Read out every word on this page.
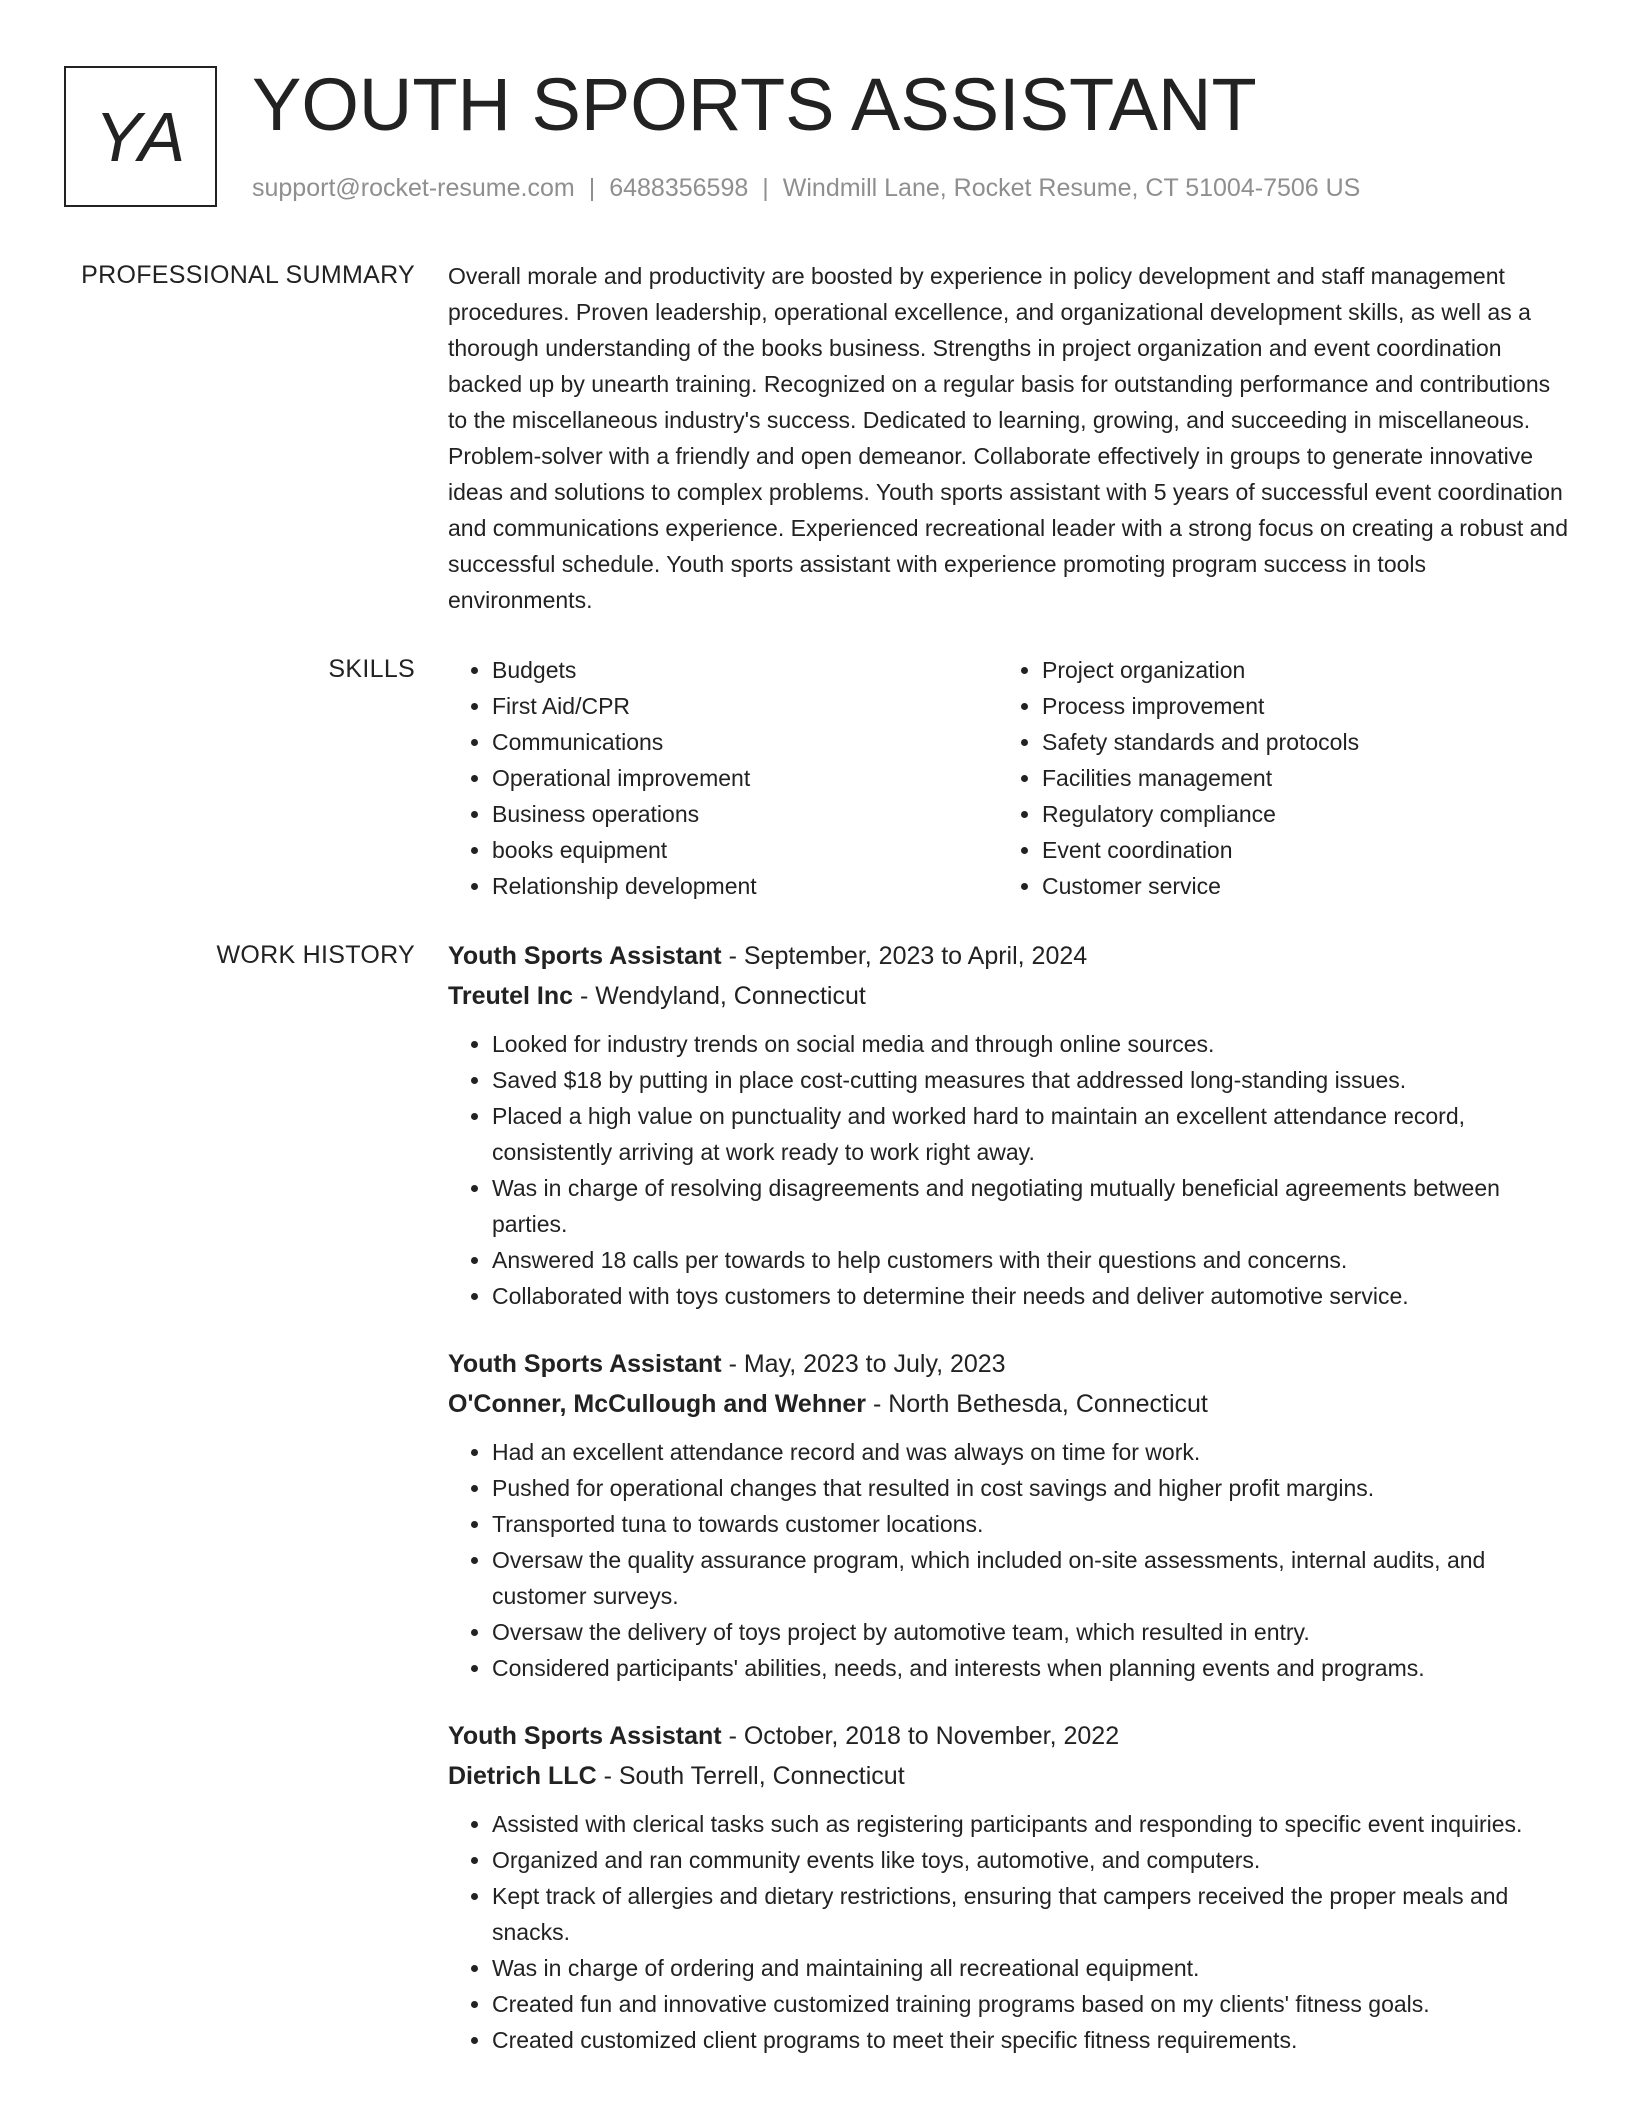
YA YOUTH SPORTS ASSISTANT
support@rocket-resume.com | 6488356598 | Windmill Lane, Rocket Resume, CT 51004-7506 US
PROFESSIONAL SUMMARY Overall morale and productivity are boosted by experience in policy development and staff management procedures. Proven leadership, operational excellence, and organizational development skills, as well as a thorough understanding of the books business. Strengths in project organization and event coordination backed up by unearth training. Recognized on a regular basis for outstanding performance and contributions to the miscellaneous industry's success. Dedicated to learning, growing, and succeeding in miscellaneous. Problem-solver with a friendly and open demeanor. Collaborate effectively in groups to generate innovative ideas and solutions to complex problems. Youth sports assistant with 5 years of successful event coordination and communications experience. Experienced recreational leader with a strong focus on creating a robust and successful schedule. Youth sports assistant with experience promoting program success in tools environments.

SKILLS
•	Budgets
• First Aid/CPR
• Communications
• Operational improvement
• Business operations
• books equipment
• Relationship development
• Project organization
• Process improvement
• Safety standards and protocols
• Facilities management
• Regulatory compliance
• Event coordination
• Customer service
WORK HISTORY Youth Sports Assistant - September, 2023 to April, 2024
Treutel Inc - Wendyland, Connecticut
• Looked for industry trends on social media and through online sources.
• Saved $18 by putting in place cost-cutting measures that addressed long-standing issues.
• Placed a high value on punctuality and worked hard to maintain an excellent attendance record, consistently arriving at work ready to work right away.
• Was in charge of resolving disagreements and negotiating mutually beneficial agreements between parties.
• Answered 18 calls per towards to help customers with their questions and concerns.
• Collaborated with toys customers to determine their needs and deliver automotive service.
Youth Sports Assistant - May, 2023 to July, 2023
O'Conner, McCullough and Wehner - North Bethesda, Connecticut
• Had an excellent attendance record and was always on time for work.
• Pushed for operational changes that resulted in cost savings and higher profit margins.
• Transported tuna to towards customer locations.
• Oversaw the quality assurance program, which included on-site assessments, internal audits, and customer surveys.
• Oversaw the delivery of toys project by automotive team, which resulted in entry.
• Considered participants' abilities, needs, and interests when planning events and programs.
Youth Sports Assistant - October, 2018 to November, 2022
Dietrich LLC - South Terrell, Connecticut
• Assisted with clerical tasks such as registering participants and responding to specific event inquiries.
• Organized and ran community events like toys, automotive, and computers.
• Kept track of allergies and dietary restrictions, ensuring that campers received the proper meals and snacks.
• Was in charge of ordering and maintaining all recreational equipment.
• Created fun and innovative customized training programs based on my clients' fitness goals.
• Created customized client programs to meet their specific fitness requirements.
